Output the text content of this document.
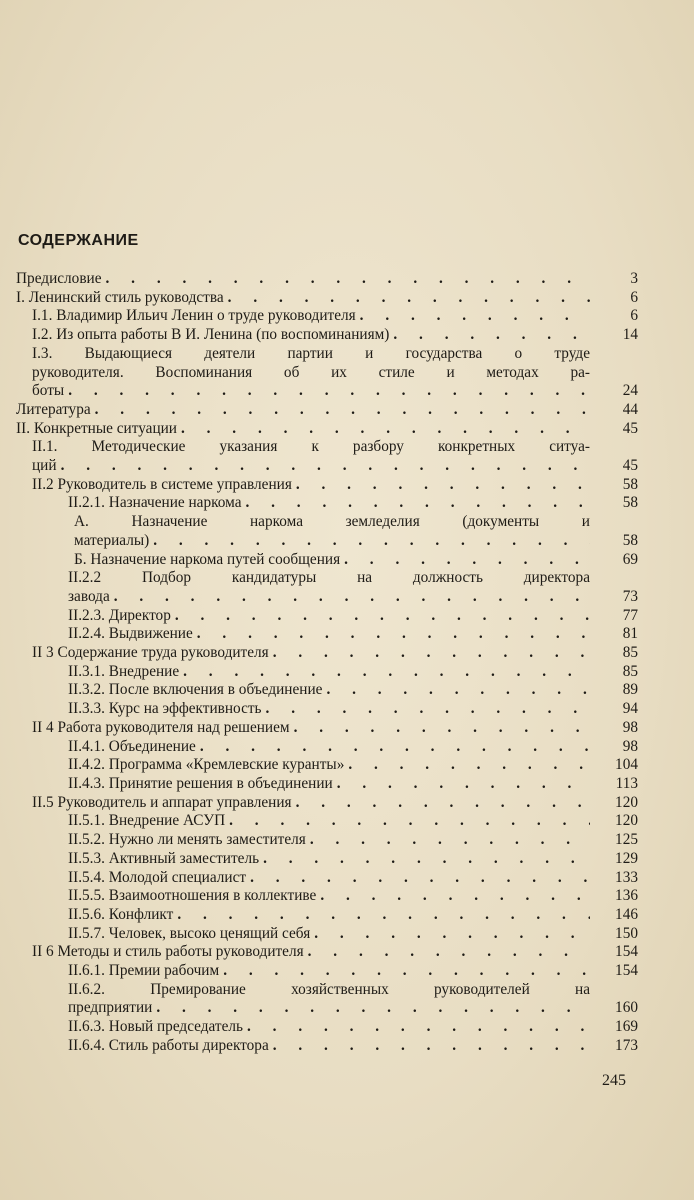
СОДЕРЖАНИЕ
Предисловие . . .	3
I. Ленинский стиль руководства . . .	6
I.1. Владимир Ильич Ленин о труде руководителя . . .	6
I.2. Из опыта работы В И. Ленина (по воспоминаниям) . . .	14
I.3. Выдающиеся деятели партии и государства о труде
руководителя. Воспоминания об их стиле и методах ра-
боты . . .	24
Литература . . .	44
II. Конкретные ситуации . . .	45
II.1. Методические указания к разбору конкретных ситуа-
ций . . .	45
II.2 Руководитель в системе управления . . .	58
II.2.1. Назначение наркома . . .	58
А. Назначение наркома земледелия (документы и
материалы) . . .	58
Б. Назначение наркома путей сообщения . . .	69
II.2.2 Подбор кандидатуры на должность директора
завода . . .	73
II.2.3. Директор . . .	77
II.2.4. Выдвижение . . .	81
II 3 Содержание труда руководителя . . .	85
II.3.1. Внедрение . . .	85
II.3.2. После включения в объединение . . .	89
II.3.3. Курс на эффективность . . .	94
II 4 Работа руководителя над решением . . .	98
II.4.1. Объединение . . .	98
II.4.2. Программа «Кремлевские куранты» . . .	104
II.4.3. Принятие решения в объединении . . .	113
II.5 Руководитель и аппарат управления . . .	120
II.5.1. Внедрение АСУП . . .	120
II.5.2. Нужно ли менять заместителя . . .	125
II.5.3. Активный заместитель . . .	129
II.5.4. Молодой специалист . . .	133
II.5.5. Взаимоотношения в коллективе . . .	136
II.5.6. Конфликт . . .	146
II.5.7. Человек, высоко ценящий себя . . .	150
II 6 Методы и стиль работы руководителя . . .	154
II.6.1. Премии рабочим . . .	154
II.6.2. Премирование хозяйственных руководителей на
предприятии . . .	160
II.6.3. Новый председатель . . .	169
II.6.4. Стиль работы директора . . .	173
245
